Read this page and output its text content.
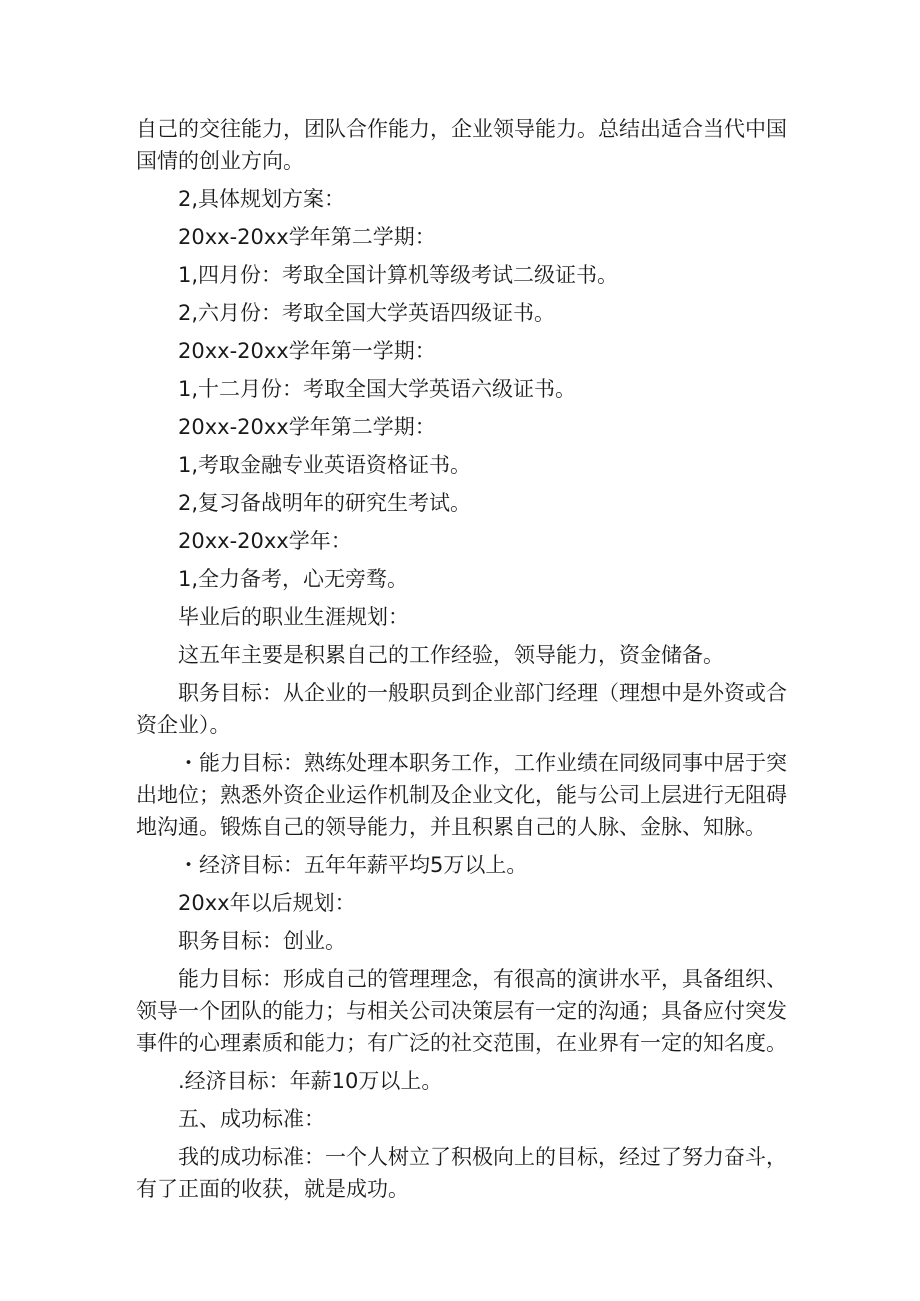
自己的交往能力，团队合作能力，企业领导能力。总结出适合当代中国国情的创业方向。

2,具体规划方案：

20xx-20xx学年第二学期：

1,四月份：考取全国计算机等级考试二级证书。

2,六月份：考取全国大学英语四级证书。

20xx-20xx学年第一学期：

1,十二月份：考取全国大学英语六级证书。

20xx-20xx学年第二学期：

1,考取金融专业英语资格证书。

2,复习备战明年的研究生考试。

20xx-20xx学年：

1,全力备考，心无旁骛。

毕业后的职业生涯规划：

这五年主要是积累自己的工作经验，领导能力，资金储备。

职务目标：从企业的一般职员到企业部门经理（理想中是外资或合资企业）。

・能力目标：熟练处理本职务工作，工作业绩在同级同事中居于突出地位；熟悉外资企业运作机制及企业文化，能与公司上层进行无阻碍地沟通。锻炼自己的领导能力，并且积累自己的人脉、金脉、知脉。

・经济目标：五年年薪平均5万以上。

20xx年以后规划：

职务目标：创业。

能力目标：形成自己的管理理念，有很高的演讲水平，具备组织、领导一个团队的能力；与相关公司决策层有一定的沟通；具备应付突发事件的心理素质和能力；有广泛的社交范围，在业界有一定的知名度。

.经济目标：年薪10万以上。

五、成功标准：

我的成功标准：一个人树立了积极向上的目标，经过了努力奋斗，有了正面的收获，就是成功。
